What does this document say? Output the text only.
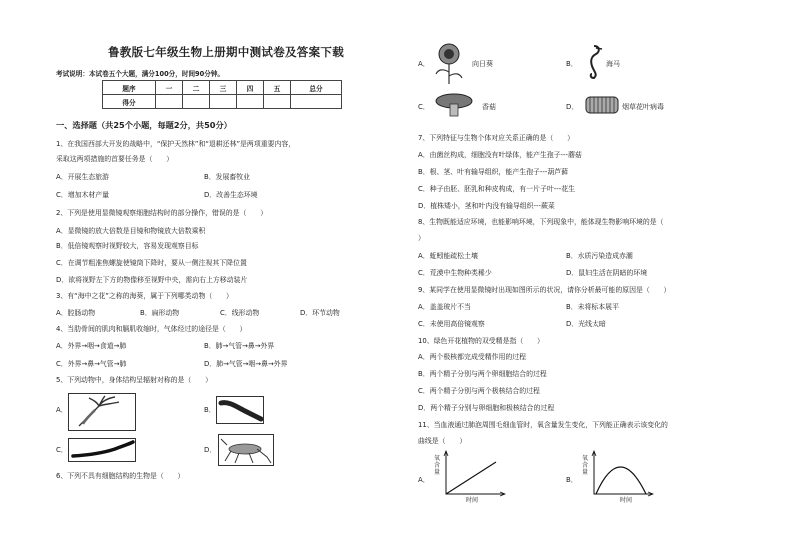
鲁教版七年级生物上册期中测试卷及答案下载
考试说明：本试卷五个大题，满分100分，时间90分钟。
题序	一	二	三	四	五	总分
得分						
一、选择题（共25个小题，每题2分，共50分）
1、在我国西部大开发的战略中，“保护天然林”和“退耕还林”是两项重要内容，
采取这两项措施的首要任务是（　　）
A．开展生态旅游	B．发展畜牧业
C．增加木材产量	D．改善生态环境
2、下列是使用显微镜观察细胞结构时的部分操作，错误的是（　　）
A．显微镜的放大倍数是目镜和物镜放大倍数乘积
B．低倍镜观察时视野较大，容易发现观察目标
C．在调节粗准焦螺旋使镜筒下降时，要从一侧注视其下降位置
D．欲将视野左下方的物像移至视野中央，需向右上方移动装片
3、有“海中之花”之称的海葵，属于下列哪类动物（　　）
A．腔肠动物	B．扁形动物	C．线形动物	D．环节动物
4、当肋骨间的肌肉和膈肌收缩时，气体经过的途径是（　　）
A．外界→咽→食道→肺	B．肺→气管→鼻→外界
C．外界→鼻→气管→肺	D．肺→气管→咽→鼻→外界
5、下列动物中，身体结构呈辐射对称的是（　　）
A．	B．
C．	D．
6、下列不具有细胞结构的生物是（　　）
A．	向日葵	B．	海马
C．	香菇	D．	烟草花叶病毒
7、下列特征与生物个体对应关系正确的是（　　）
A．由菌丝构成，细胞没有叶绿体，能产生孢子---蘑菇
B．根、茎、叶有输导组织，能产生孢子---葫芦藓
C．种子由胚、胚乳和种皮构成，有一片子叶---花生
D．植株矮小，茎和叶内没有输导组织---蕨菜
8、生物既能适应环境，也能影响环境，下列现象中，能体现生物影响环境的是（
）
A．蚯蚓能疏松土壤	B．水质污染造成赤潮
C．荒漠中生物种类稀少	D．鼠妇生活在阴暗的环境
9、某同学在使用显微镜时出现如图所示的状况，请你分析最可能的原因是（　　）
A．盖盖玻片不当	B．未将标本展平
C．未使用高倍镜观察	D．光线太暗
10、绿色开花植物的双受精是指（　　）
A．两个极核都完成受精作用的过程
B．两个精子分别与两个卵细胞结合的过程
C．两个精子分别与两个极核结合的过程
D．两个精子分别与卵细胞和极核结合的过程
11、当血液通过肺泡周围毛细血管时，氧含量发生变化，下列能正确表示该变化的
曲线是（　　）
A．
氧
含
量
时间
B．
氧
含
量
时间
